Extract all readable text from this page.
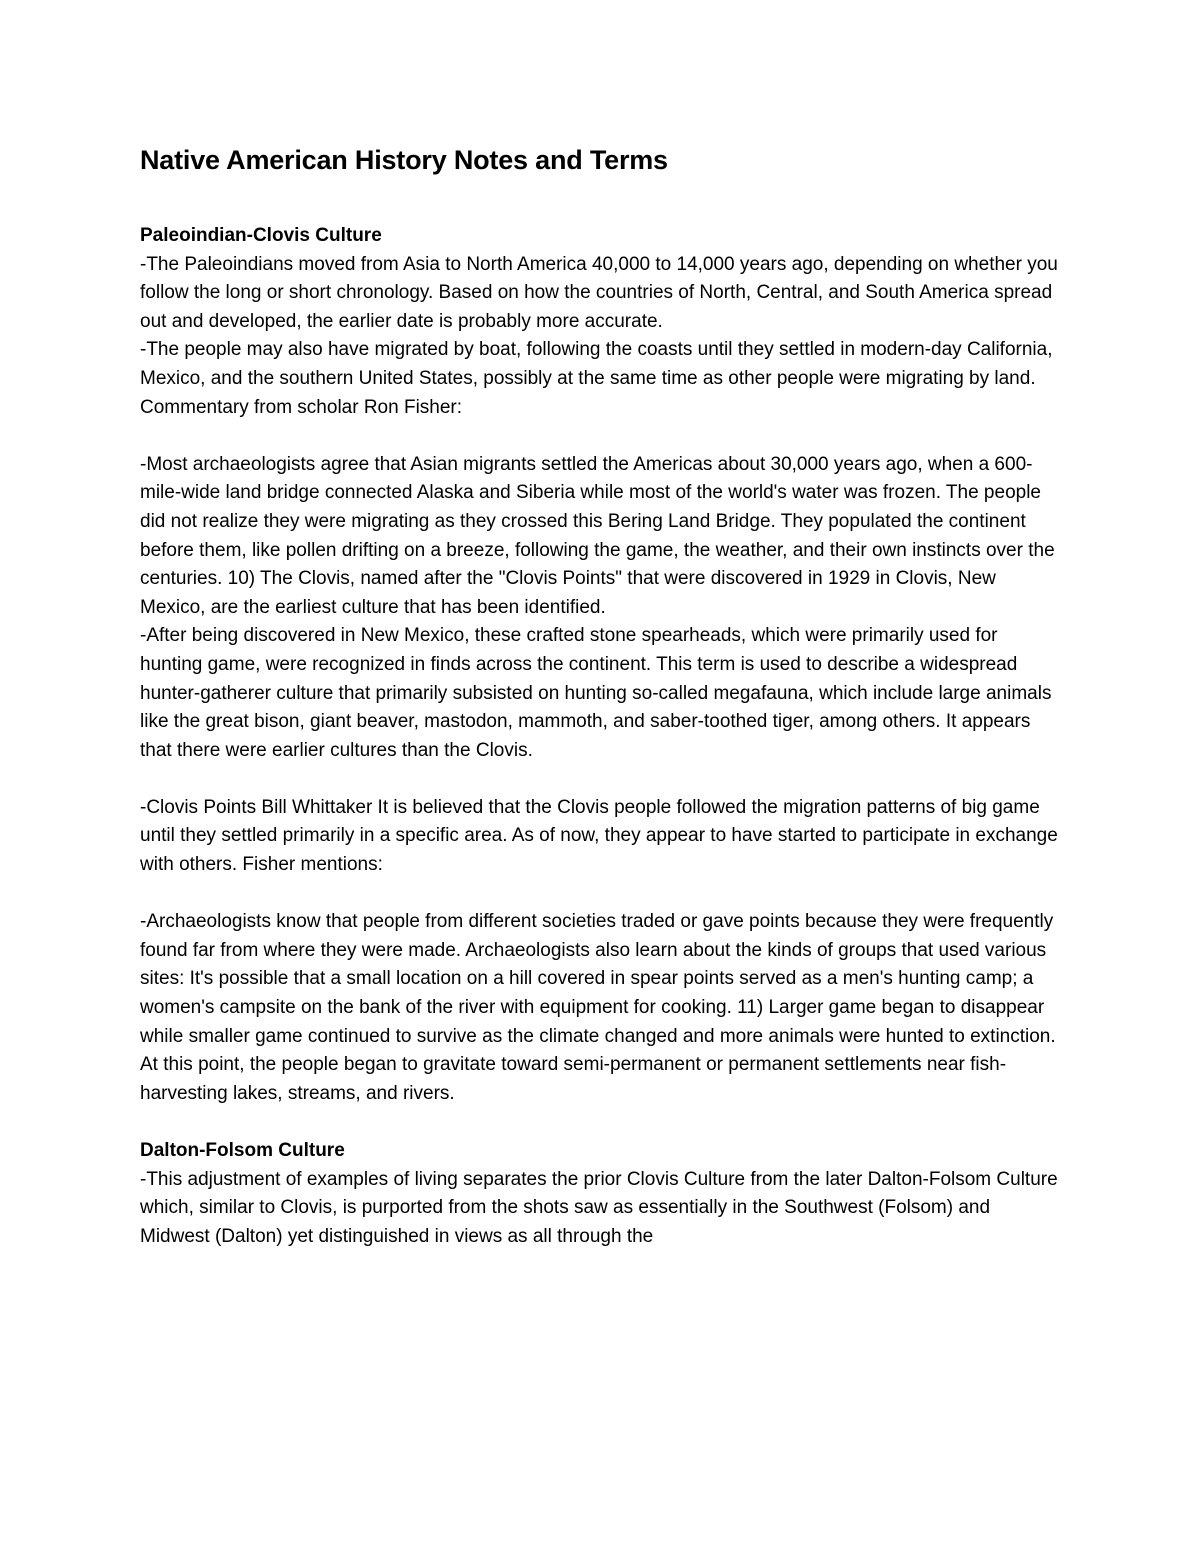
Native American History Notes and Terms
Paleoindian-Clovis Culture

-The Paleoindians moved from Asia to North America 40,000 to 14,000 years ago, depending on whether you follow the long or short chronology. Based on how the countries of North, Central, and South America spread out and developed, the earlier date is probably more accurate.

-The people may also have migrated by boat, following the coasts until they settled in modern-day California, Mexico, and the southern United States, possibly at the same time as other people were migrating by land. Commentary from scholar Ron Fisher:

-Most archaeologists agree that Asian migrants settled the Americas about 30,000 years ago, when a 600-mile-wide land bridge connected Alaska and Siberia while most of the world's water was frozen. The people did not realize they were migrating as they crossed this Bering Land Bridge. They populated the continent before them, like pollen drifting on a breeze, following the game, the weather, and their own instincts over the centuries. 10) The Clovis, named after the "Clovis Points" that were discovered in 1929 in Clovis, New Mexico, are the earliest culture that has been identified.

-After being discovered in New Mexico, these crafted stone spearheads, which were primarily used for hunting game, were recognized in finds across the continent. This term is used to describe a widespread hunter-gatherer culture that primarily subsisted on hunting so-called megafauna, which include large animals like the great bison, giant beaver, mastodon, mammoth, and saber-toothed tiger, among others. It appears that there were earlier cultures than the Clovis.

-Clovis Points Bill Whittaker It is believed that the Clovis people followed the migration patterns of big game until they settled primarily in a specific area. As of now, they appear to have started to participate in exchange with others. Fisher mentions:

-Archaeologists know that people from different societies traded or gave points because they were frequently found far from where they were made. Archaeologists also learn about the kinds of groups that used various sites: It's possible that a small location on a hill covered in spear points served as a men's hunting camp; a women's campsite on the bank of the river with equipment for cooking. 11) Larger game began to disappear while smaller game continued to survive as the climate changed and more animals were hunted to extinction. At this point, the people began to gravitate toward semi-permanent or permanent settlements near fish-harvesting lakes, streams, and rivers.

Dalton-Folsom Culture

-This adjustment of examples of living separates the prior Clovis Culture from the later Dalton-Folsom Culture which, similar to Clovis, is purported from the shots saw as essentially in the Southwest (Folsom) and Midwest (Dalton) yet distinguished in views as all through the
